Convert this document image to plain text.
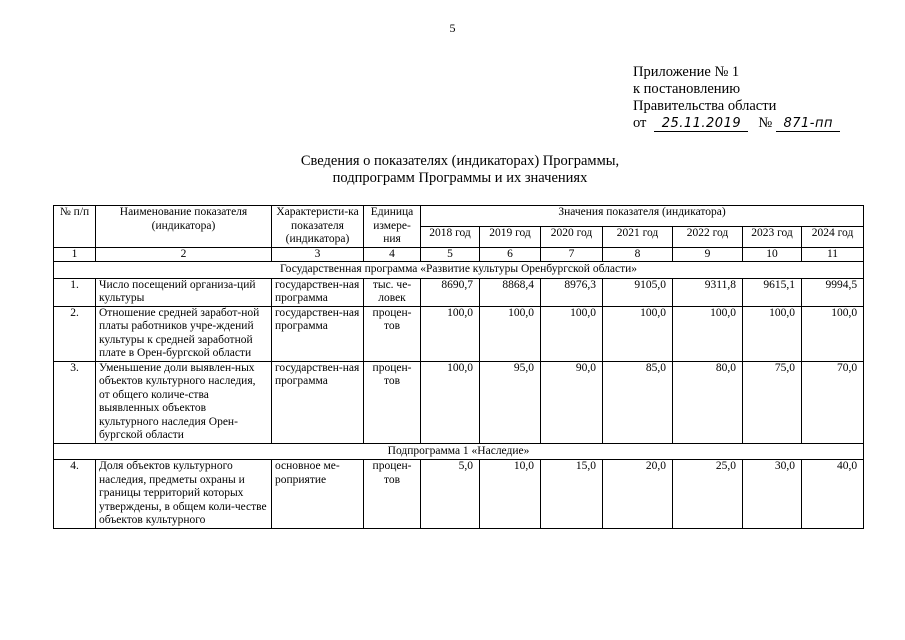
5
Приложение № 1
к постановлению
Правительства области
от 25.11.2019 № 871-пп
Сведения о показателях (индикаторах) Программы,
подпрограмм Программы и их значениях
№ п/п	Наименование показателя (индикатора)	Характеристи-ка показателя (индикатора)	Единица измере-ния	Значения показателя (индикатора)						
				2018 год	2019 год	2020 год	2021 год	2022 год	2023 год	2024 год
1	2	3	4	5	6	7	8	9	10	11
Государственная программа «Развитие культуры Оренбургской области»										
1.	Число посещений организа-ций культуры	государствен-ная программа	тыс. че-ловек	8690,7	8868,4	8976,3	9105,0	9311,8	9615,1	9994,5
2.	Отношение средней заработ-ной платы работников учре-ждений культуры к средней заработной плате в Орен-бургской области	государствен-ная программа	процен-тов	100,0	100,0	100,0	100,0	100,0	100,0	100,0
3.	Уменьшение доли выявлен-ных объектов культурного наследия, от общего количе-ства выявленных объектов культурного наследия Орен-бургской области	государствен-ная программа	процен-тов	100,0	95,0	90,0	85,0	80,0	75,0	70,0
Подпрограмма 1 «Наследие»										
4.	Доля объектов культурного наследия, предметы охраны и границы территорий которых утверждены, в общем коли-честве объектов культурного	основное ме-роприятие	процен-тов	5,0	10,0	15,0	20,0	25,0	30,0	40,0
